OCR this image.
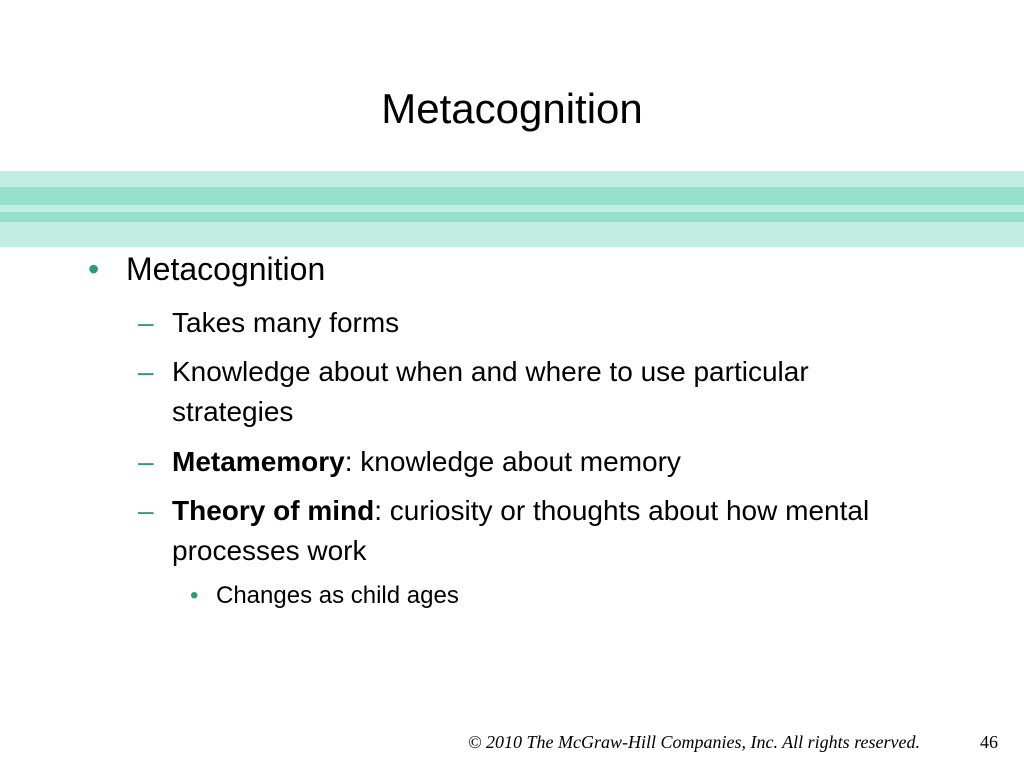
Metacognition
• Metacognition
– Takes many forms
– Knowledge about when and where to use particular strategies
– Metamemory: knowledge about memory
– Theory of mind: curiosity or thoughts about how mental processes work
• Changes as child ages
© 2010 The McGraw-Hill Companies, Inc. All rights reserved.	46
